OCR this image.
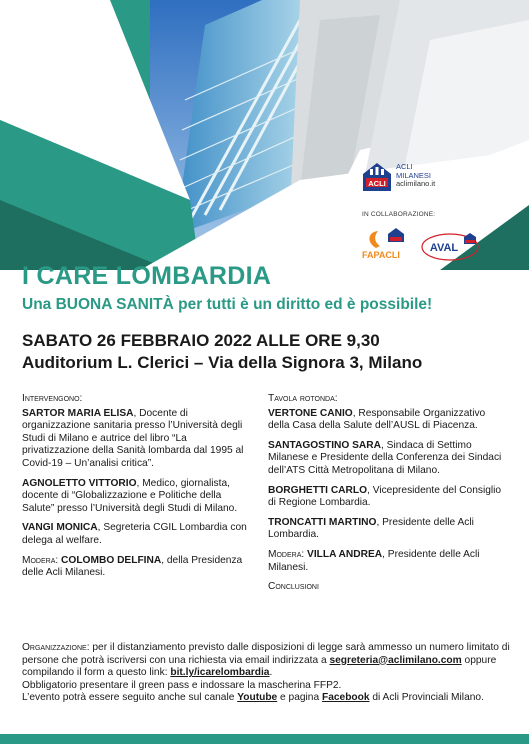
ACLI
ACLI
MILANESI
aclimilano.it
IN COLLABORAZIONE:
FAPACLI
AVAL
I CARE LOMBARDIA
Una BUONA SANITÀ per tutti è un diritto ed è possibile!
SABATO 26 FEBBRAIO 2022 ALLE ORE 9,30
Auditorium L. Clerici – Via della Signora 3, Milano
Intervengono:

SARTOR MARIA ELISA, Docente di organizzazione sanitaria presso l’Università degli Studi di Milano e autrice del libro “La privatizzazione della Sanità lombarda dal 1995 al Covid-19 – Un’analisi critica”.

AGNOLETTO VITTORIO, Medico, giornalista, docente di “Globalizzazione e Politiche della Salute” presso l’Università degli Studi di Milano.

VANGI MONICA, Segreteria CGIL Lombardia con delega al welfare.

Modera: COLOMBO DELFINA, della Presidenza delle Acli Milanesi.

Tavola rotonda:

VERTONE CANIO, Responsabile Organizzativo della Casa della Salute dell’AUSL di Piacenza.

SANTAGOSTINO SARA, Sindaca di Settimo Milanese e Presidente della Conferenza dei Sindaci dell’ATS Città Metropolitana di Milano.

BORGHETTI CARLO, Vicepresidente del Consiglio di Regione Lombardia.

TRONCATTI MARTINO, Presidente delle Acli Lombardia.

Modera: VILLA ANDREA, Presidente delle Acli Milanesi.

Conclusioni

Organizzazione: per il distanziamento previsto dalle disposizioni di legge sarà ammesso un numero limitato di persone che potrà iscriversi con una richiesta via email indirizzata a segreteria@aclimilano.com oppure compilando il form a questo link: bit.ly/icarelombardia.

Obbligatorio presentare il green pass e indossare la mascherina FFP2.

L’evento potrà essere seguito anche sul canale Youtube e pagina Facebook di Acli Provinciali Milano.
